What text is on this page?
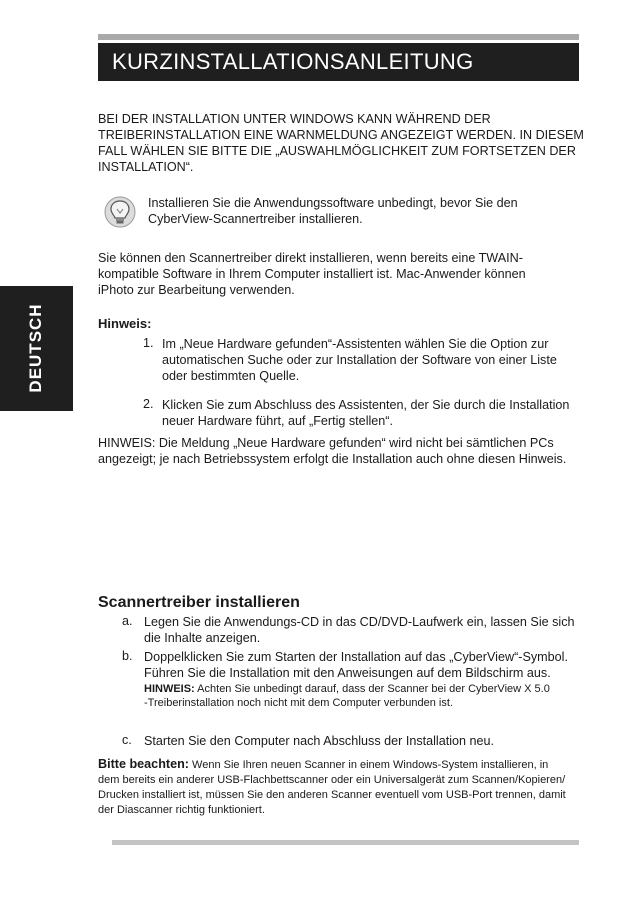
KURZINSTALLATIONSANLEITUNG
DEUTSCH
BEI DER INSTALLATION UNTER WINDOWS KANN WÄHREND DER
TREIBERINSTALLATION EINE WARNMELDUNG ANGEZEIGT WERDEN. IN DIESEM
FALL WÄHLEN SIE BITTE DIE „AUSWAHLMÖGLICHKEIT ZUM FORTSETZEN DER
INSTALLATION“.
Installieren Sie die Anwendungssoftware unbedingt, bevor Sie den
CyberView-Scannertreiber installieren.
Sie können den Scannertreiber direkt installieren, wenn bereits eine TWAIN-
kompatible Software in Ihrem Computer installiert ist. Mac-Anwender können
iPhoto zur Bearbeitung verwenden.
Hinweis:
1. Im „Neue Hardware gefunden“-Assistenten wählen Sie die Option zur
automatischen Suche oder zur Installation der Software von einer Liste
oder bestimmten Quelle.
2. Klicken Sie zum Abschluss des Assistenten, der Sie durch die Installation
neuer Hardware führt, auf „Fertig stellen“.
HINWEIS: Die Meldung „Neue Hardware gefunden“ wird nicht bei sämtlichen PCs
angezeigt; je nach Betriebssystem erfolgt die Installation auch ohne diesen Hinweis.
Scannertreiber installieren
a. Legen Sie die Anwendungs-CD in das CD/DVD-Laufwerk ein, lassen Sie sich
die Inhalte anzeigen.
b. Doppelklicken Sie zum Starten der Installation auf das „CyberView“-Symbol.
Führen Sie die Installation mit den Anweisungen auf dem Bildschirm aus.
HINWEIS: Achten Sie unbedingt darauf, dass der Scanner bei der CyberView X 5.0
-Treiberinstallation noch nicht mit dem Computer verbunden ist.
c. Starten Sie den Computer nach Abschluss der Installation neu.
Bitte beachten: Wenn Sie Ihren neuen Scanner in einem Windows-System installieren, in
dem bereits ein anderer USB-Flachbettscanner oder ein Universalgerät zum Scannen/Kopieren/
Drucken installiert ist, müssen Sie den anderen Scanner eventuell vom USB-Port trennen, damit
der Diascanner richtig funktioniert.
